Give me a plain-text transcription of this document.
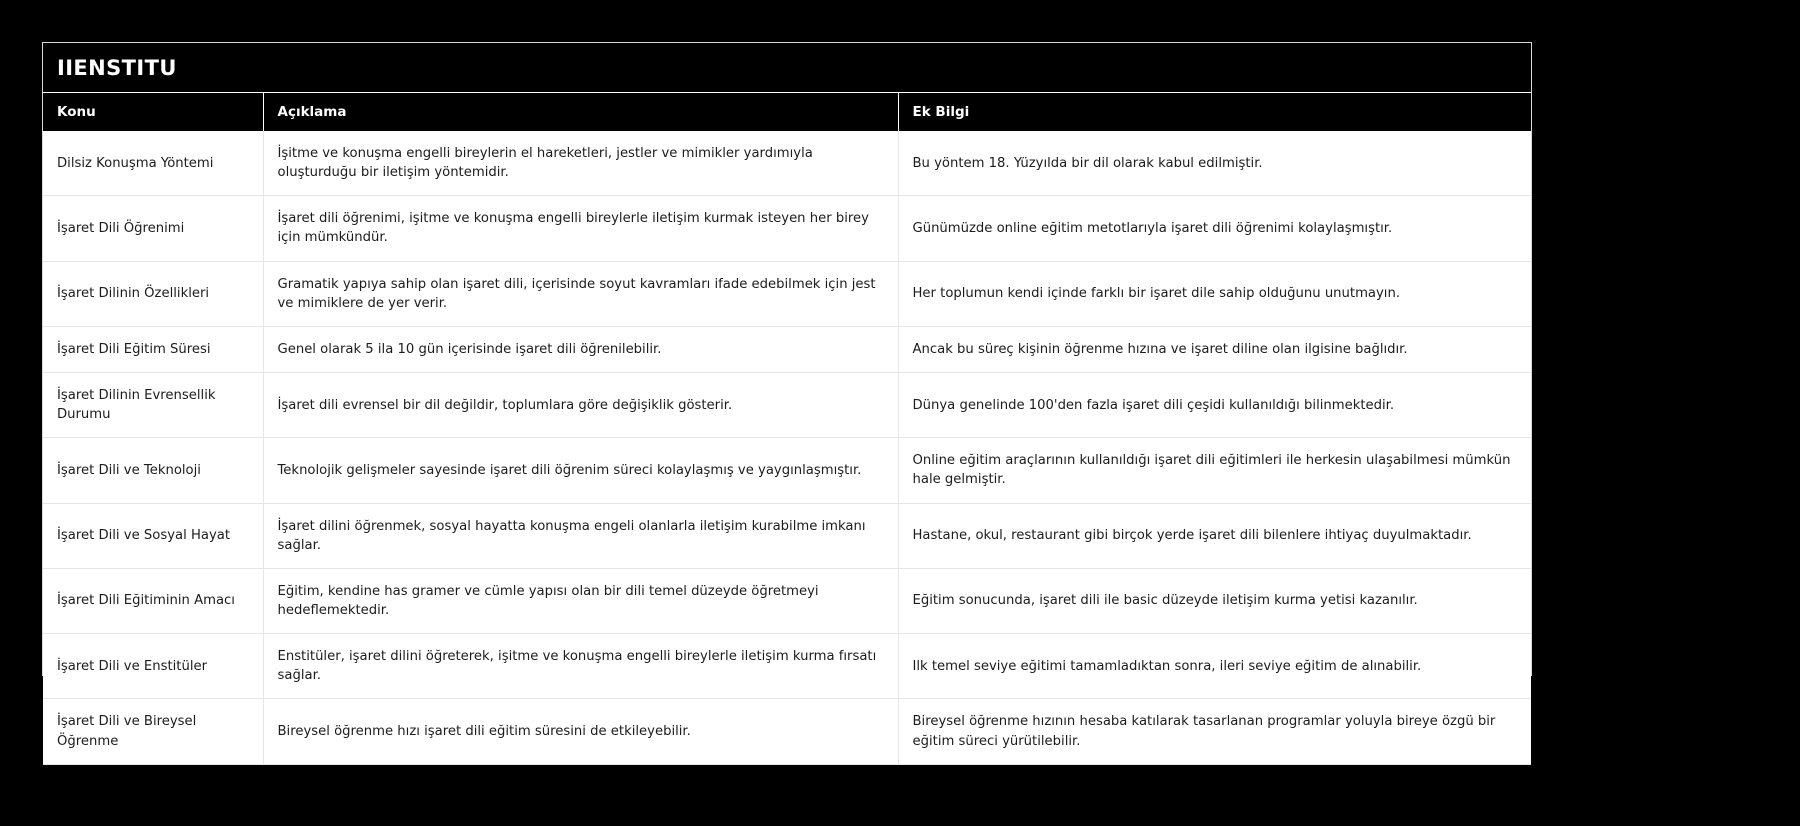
IIENSTITU
Konu	Açıklama	Ek Bilgi
Dilsiz Konuşma Yöntemi	İşitme ve konuşma engelli bireylerin el hareketleri, jestler ve mimikler yardımıyla oluşturduğu bir iletişim yöntemidir.	Bu yöntem 18. Yüzyılda bir dil olarak kabul edilmiştir.
İşaret Dili Öğrenimi	İşaret dili öğrenimi, işitme ve konuşma engelli bireylerle iletişim kurmak isteyen her birey için mümkündür.	Günümüzde online eğitim metotlarıyla işaret dili öğrenimi kolaylaşmıştır.
İşaret Dilinin Özellikleri	Gramatik yapıya sahip olan işaret dili, içerisinde soyut kavramları ifade edebilmek için jest ve mimiklere de yer verir.	Her toplumun kendi içinde farklı bir işaret dile sahip olduğunu unutmayın.
İşaret Dili Eğitim Süresi	Genel olarak 5 ila 10 gün içerisinde işaret dili öğrenilebilir.	Ancak bu süreç kişinin öğrenme hızına ve işaret diline olan ilgisine bağlıdır.
İşaret Dilinin Evrensellik Durumu	İşaret dili evrensel bir dil değildir, toplumlara göre değişiklik gösterir.	Dünya genelinde 100'den fazla işaret dili çeşidi kullanıldığı bilinmektedir.
İşaret Dili ve Teknoloji	Teknolojik gelişmeler sayesinde işaret dili öğrenim süreci kolaylaşmış ve yaygınlaşmıştır.	Online eğitim araçlarının kullanıldığı işaret dili eğitimleri ile herkesin ulaşabilmesi mümkün hale gelmiştir.
İşaret Dili ve Sosyal Hayat	İşaret dilini öğrenmek, sosyal hayatta konuşma engeli olanlarla iletişim kurabilme imkanı sağlar.	Hastane, okul, restaurant gibi birçok yerde işaret dili bilenlere ihtiyaç duyulmaktadır.
İşaret Dili Eğitiminin Amacı	Eğitim, kendine has gramer ve cümle yapısı olan bir dili temel düzeyde öğretmeyi hedeflemektedir.	Eğitim sonucunda, işaret dili ile basic düzeyde iletişim kurma yetisi kazanılır.
İşaret Dili ve Enstitüler	Enstitüler, işaret dilini öğreterek, işitme ve konuşma engelli bireylerle iletişim kurma fırsatı sağlar.	Ilk temel seviye eğitimi tamamladıktan sonra, ileri seviye eğitim de alınabilir.
İşaret Dili ve Bireysel Öğrenme	Bireysel öğrenme hızı işaret dili eğitim süresini de etkileyebilir.	Bireysel öğrenme hızının hesaba katılarak tasarlanan programlar yoluyla bireye özgü bir eğitim süreci yürütilebilir.
